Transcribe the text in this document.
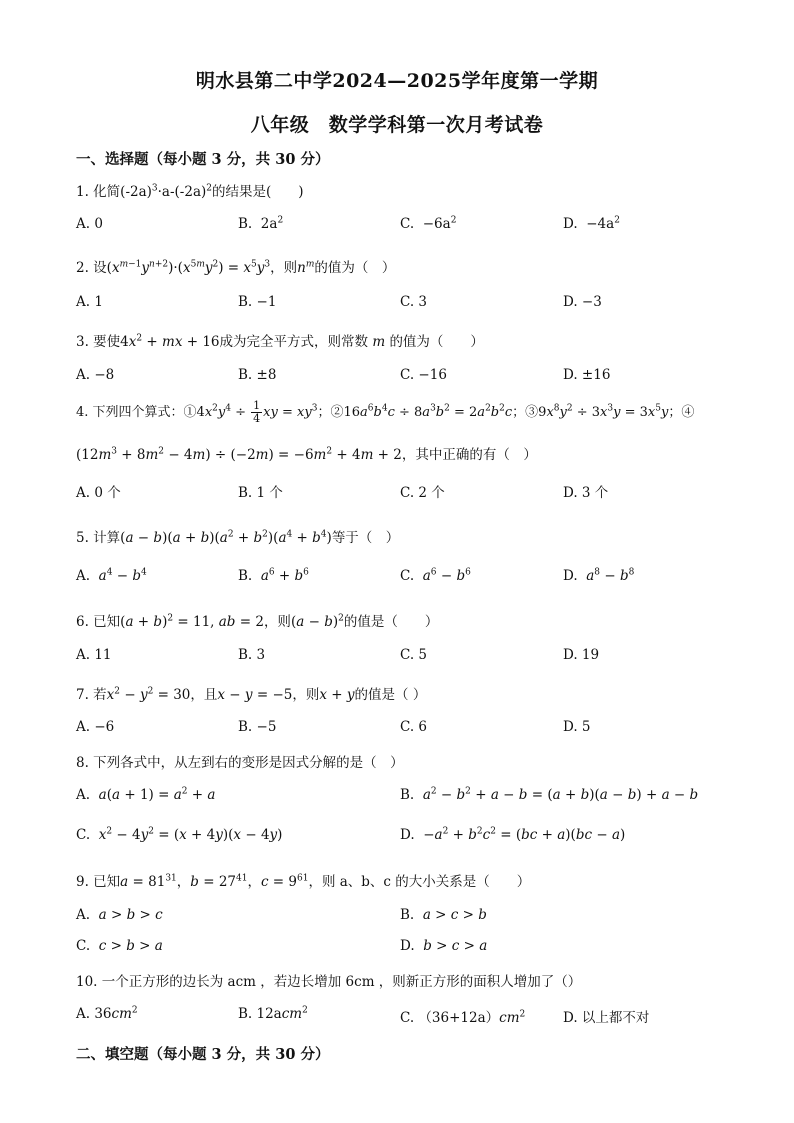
明水县第二中学2024—2025学年度第一学期
八年级　数学学科第一次月考试卷
一、选择题（每小题 3 分，共 30 分）
1. 化简$(-2a)^3\cdot a-(-2a)^2$的结果是(　　)
A. 0	B.  $2a^2$	C.  $-6a^2$	D.  $-4a^2$
2. 设$(x^{m-1}y^{n+2})\cdot(x^{5m}y^2) = x^5y^3$，则$n^m$的值为（　）
A. 1	B. −1	C. 3	D. −3
3. 要使$4x^2$ + mx + 16成为完全平方式，则常数 m 的值为（　　）
A. −8	B. ±8	C. −16	D. ±16
4. 下列四个算式：$①4x^2y^4 \div \frac{1}{4}$ xy = $xy^3$；$②16a^6b^4c \div 8a^3b^2 = 2a^2b^2c$；$③9x^8y^2 \div 3x^3y = 3x^5y$；④
$(12m^3 + 8m^2 - 4m) \div (-2m) = -6m^2 + 4m + 2$，其中正确的有（　）
A. 0 个	B. 1 个	C. 2 个	D. 3 个
5. 计算$(a - b)(a + b)(a^2 + b^2)(a^4 + b^4)$等于（　）
A. $a^4 - b^4$	B. $a^6 + b^6$	C. $a^6 - b^6$	D. $a^8 - b^8$
6. 已知$(a + b)^2 = 11$, ab = 2，则$(a - b)^2$的值是（　　）
A. 11	B. 3	C. 5	D. 19
7. 若$x^2 - y^2 = 30$，且x − y = −5，则x + y的值是（ ）
A. −6	B. −5	C. 6	D. 5
8. 下列各式中，从左到右的变形是因式分解的是（　）
A. $a(a + 1) = a^2 + a$	B. $a^2 - b^2 + a - b = (a + b)(a - b) + a - b$
C. $x^2 - 4y^2 = (x + 4y)(x - 4y)$	D.  $-a^2 + b^2c^2 = (bc + a)(bc - a)$
9. 已知$a = 81^{31}$，$b = 27^{41}$，$c = 9^{61}$，则 a、b、c 的大小关系是（　　）
A. a > b > c	B. a > c > b
C. c > b > a	D. b > c > a
10. 一个正方形的边长为 acm ，若边长增加 6cm ，则新正方形的面积人增加了（）
A. $36cm^2$	B. 12acm$^2$	C. $(36+12a)cm^2$	D. 以上都不对
二、填空题（每小题 3 分，共 30 分）
